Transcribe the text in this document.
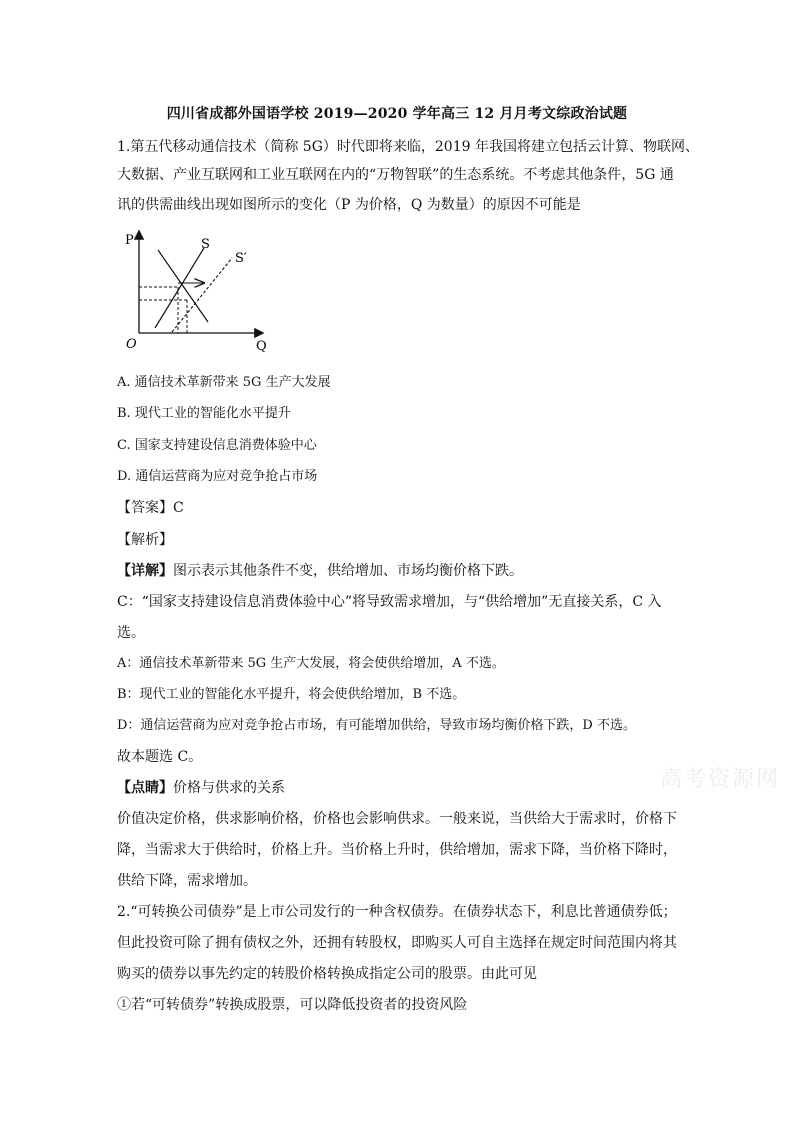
四川省成都外国语学校 2019—2020 学年高三 12 月月考文综政治试题
1.第五代移动通信技术（简称 5G）时代即将来临，2019 年我国将建立包括云计算、物联网、
大数据、产业互联网和工业互联网在内的“万物智联”的生态系统。不考虑其他条件，5G 通
讯的供需曲线出现如图所示的变化（P 为价格，Q 为数量）的原因不可能是
P
Q
O
S
S′
A. 通信技术革新带来 5G 生产大发展
B. 现代工业的智能化水平提升
C. 国家支持建设信息消费体验中心
D. 通信运营商为应对竞争抢占市场
【答案】C
【解析】
【详解】图示表示其他条件不变，供给增加、市场均衡价格下跌。
C：“国家支持建设信息消费体验中心”将导致需求增加，与“供给增加”无直接关系，C 入
选。
A：通信技术革新带来 5G 生产大发展，将会使供给增加，A 不选。
B：现代工业的智能化水平提升，将会使供给增加，B 不选。
D：通信运营商为应对竞争抢占市场，有可能增加供给，导致市场均衡价格下跌，D 不选。
故本题选 C。
【点睛】价格与供求的关系
价值决定价格，供求影响价格，价格也会影响供求。一般来说，当供给大于需求时，价格下
降，当需求大于供给时，价格上升。当价格上升时，供给增加，需求下降，当价格下降时，
供给下降，需求增加。
2.“可转换公司债券”是上市公司发行的一种含权债券。在债券状态下，利息比普通债券低；
但此投资可除了拥有债权之外，还拥有转股权，即购买人可自主选择在规定时间范围内将其
购买的债券以事先约定的转股价格转换成指定公司的股票。由此可见
①若“可转债券”转换成股票，可以降低投资者的投资风险
高考资源网
